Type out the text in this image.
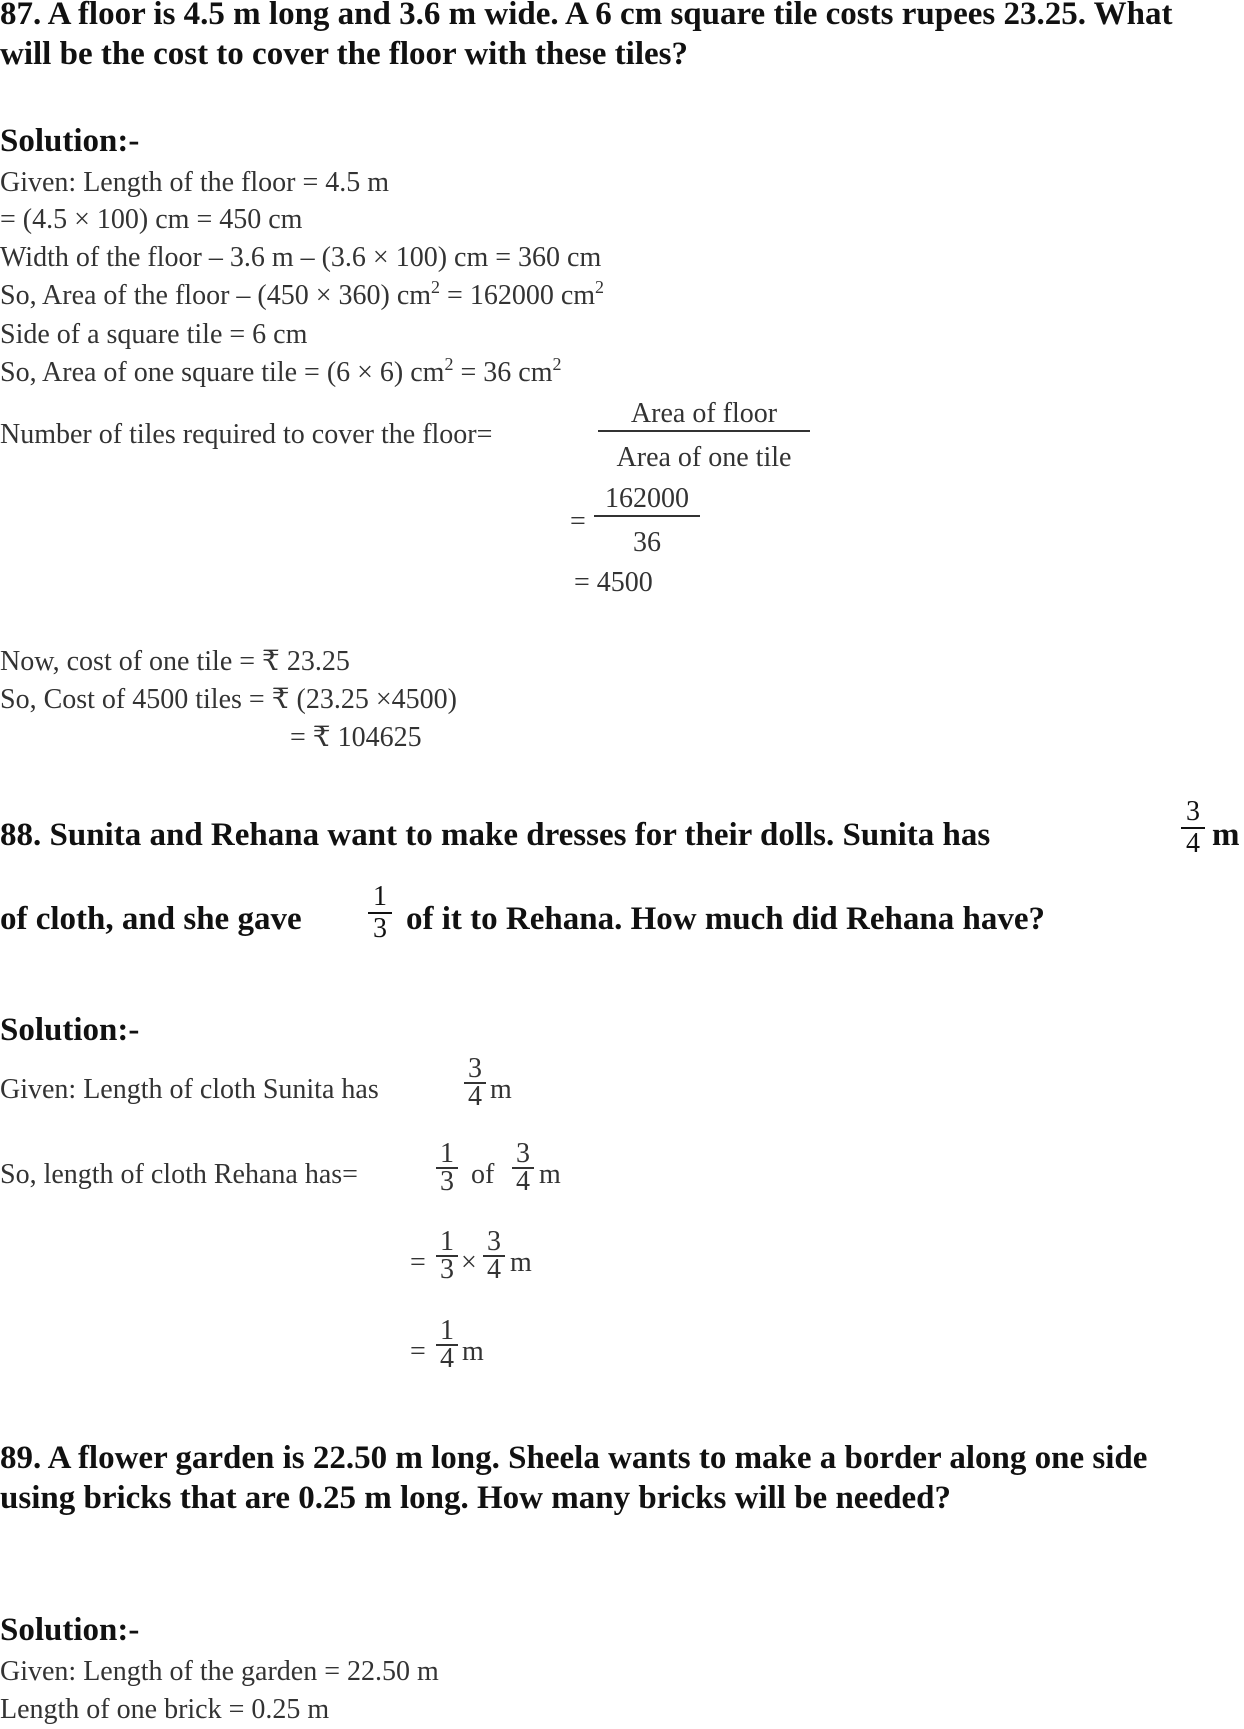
87. A floor is 4.5 m long and 3.6 m wide. A 6 cm square tile costs rupees 23.25. What will be the cost to cover the floor with these tiles?

Solution:-

Given: Length of the floor = 4.5 m
= (4.5 × 100) cm = 450 cm
Width of the floor – 3.6 m – (3.6 × 100) cm = 360 cm
So, Area of the floor – (450 × 360) $cm^2 = 162000$ $cm^2$
Side of a square tile = 6 cm
So, Area of one square tile = (6 × 6) $cm^2 = 36$ $cm^2$
Number of tiles required to cover the floor=
Area of floor
Area of one tile
=
162000
36
= 4500
Now, cost of one tile = ₹ 23.25
So, Cost of 4500 tiles = ₹ (23.25 ×4500)
= ₹ 104625
88. Sunita and Rehana want to make dresses for their dolls. Sunita has
3
4 m
of cloth, and she gave
1
3 of it to Rehana. How much did Rehana have?

Solution:-

Given: Length of cloth Sunita has
3
4 m
So, length of cloth Rehana has=
1
3 of
3
4 m
=
1
3 ×
3
4 m
=
1
4 m

89. A flower garden is 22.50 m long. Sheela wants to make a border along one side using bricks that are 0.25 m long. How many bricks will be needed?

Solution:-

Given: Length of the garden = 22.50 m
Length of one brick = 0.25 m
